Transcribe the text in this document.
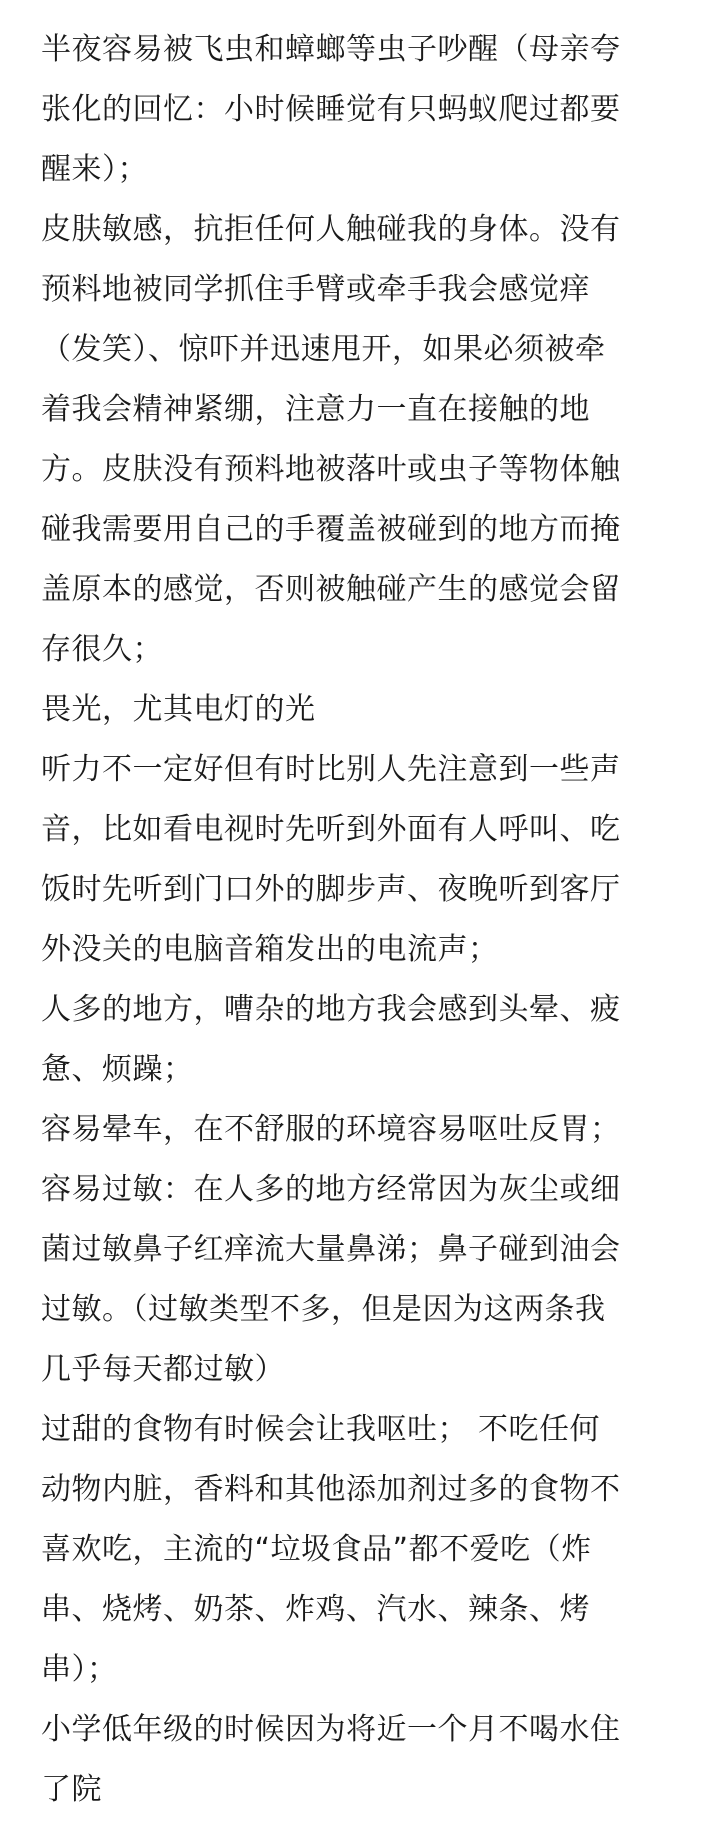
半夜容易被飞虫和蟑螂等虫子吵醒（母亲夸
张化的回忆：小时候睡觉有只蚂蚁爬过都要
醒来）；
皮肤敏感，抗拒任何人触碰我的身体。没有
预料地被同学抓住手臂或牵手我会感觉痒
（发笑）、惊吓并迅速甩开，如果必须被牵
着我会精神紧绷，注意力一直在接触的地
方。皮肤没有预料地被落叶或虫子等物体触
碰我需要用自己的手覆盖被碰到的地方而掩
盖原本的感觉，否则被触碰产生的感觉会留
存很久；
畏光，尤其电灯的光
听力不一定好但有时比别人先注意到一些声
音，比如看电视时先听到外面有人呼叫、吃
饭时先听到门口外的脚步声、夜晚听到客厅
外没关的电脑音箱发出的电流声；
人多的地方，嘈杂的地方我会感到头晕、疲
惫、烦躁；
容易晕车，在不舒服的环境容易呕吐反胃；
容易过敏：在人多的地方经常因为灰尘或细
菌过敏鼻子红痒流大量鼻涕；鼻子碰到油会
过敏。（过敏类型不多，但是因为这两条我
几乎每天都过敏）
过甜的食物有时候会让我呕吐； 不吃任何
动物内脏，香料和其他添加剂过多的食物不
喜欢吃，主流的“垃圾食品”都不爱吃（炸
串、烧烤、奶茶、炸鸡、汽水、辣条、烤
串）；
小学低年级的时候因为将近一个月不喝水住
了院
